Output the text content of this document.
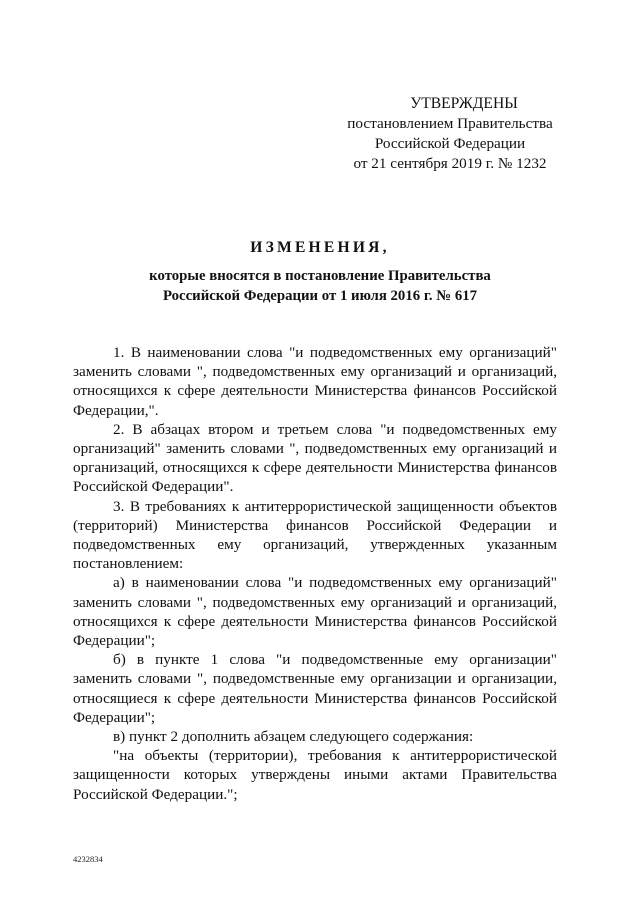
УТВЕРЖДЕНЫ
постановлением Правительства
Российской Федерации
от 21 сентября 2019 г. № 1232
ИЗМЕНЕНИЯ,
которые вносятся в постановление Правительства
Российской Федерации от 1 июля 2016 г. № 617

1. В наименовании слова "и подведомственных ему организаций" заменить словами ", подведомственных ему организаций и организаций, относящихся к сфере деятельности Министерства финансов Российской Федерации,".

2. В абзацах втором и третьем слова "и подведомственных ему организаций" заменить словами ", подведомственных ему организаций и организаций, относящихся к сфере деятельности Министерства финансов Российской Федерации".

3. В требованиях к антитеррористической защищенности объектов (территорий) Министерства финансов Российской Федерации и подведомственных ему организаций, утвержденных указанным постановлением:

а) в наименовании слова "и подведомственных ему организаций" заменить словами ", подведомственных ему организаций и организаций, относящихся к сфере деятельности Министерства финансов Российской Федерации";

б) в пункте 1 слова "и подведомственные ему организации" заменить словами ", подведомственные ему организации и организации, относящиеся к сфере деятельности Министерства финансов Российской Федерации";

в) пункт 2 дополнить абзацем следующего содержания:

"на объекты (территории), требования к антитеррористической защищенности которых утверждены иными актами Правительства Российской Федерации.";

4232834
